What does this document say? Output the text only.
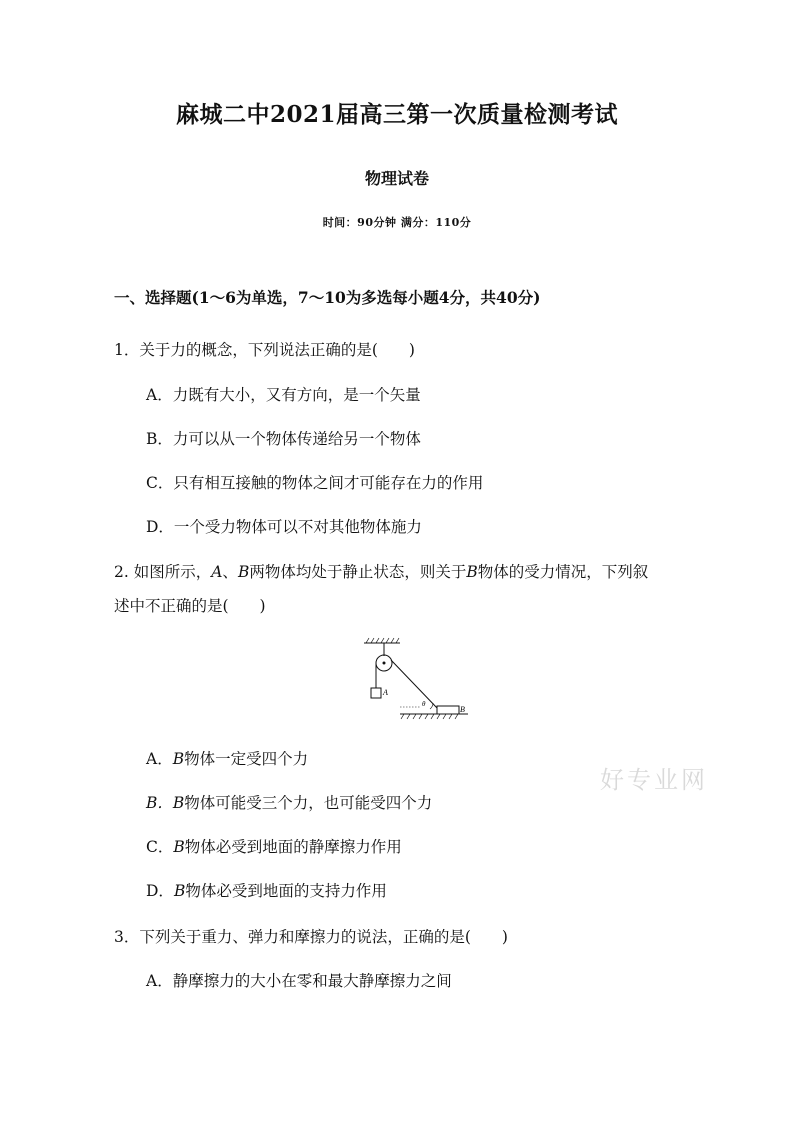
麻城二中2021届高三第一次质量检测考试
物理试卷
时间：90分钟 满分：110分
一、选择题(1～6为单选，7～10为多选每小题4分，共40分)
1．关于力的概念，下列说法正确的是(　　)
A．力既有大小，又有方向，是一个矢量
B．力可以从一个物体传递给另一个物体
C．只有相互接触的物体之间才可能存在力的作用
D．一个受力物体可以不对其他物体施力
2. 如图所示，A、B两物体均处于静止状态，则关于B物体的受力情况，下列叙
述中不正确的是(　　)
A
B
θ
A．B物体一定受四个力
B．B物体可能受三个力，也可能受四个力
C．B物体必受到地面的静摩擦力作用
D．B物体必受到地面的支持力作用
3．下列关于重力、弹力和摩擦力的说法，正确的是(　　)
A．静摩擦力的大小在零和最大静摩擦力之间
好专业网
